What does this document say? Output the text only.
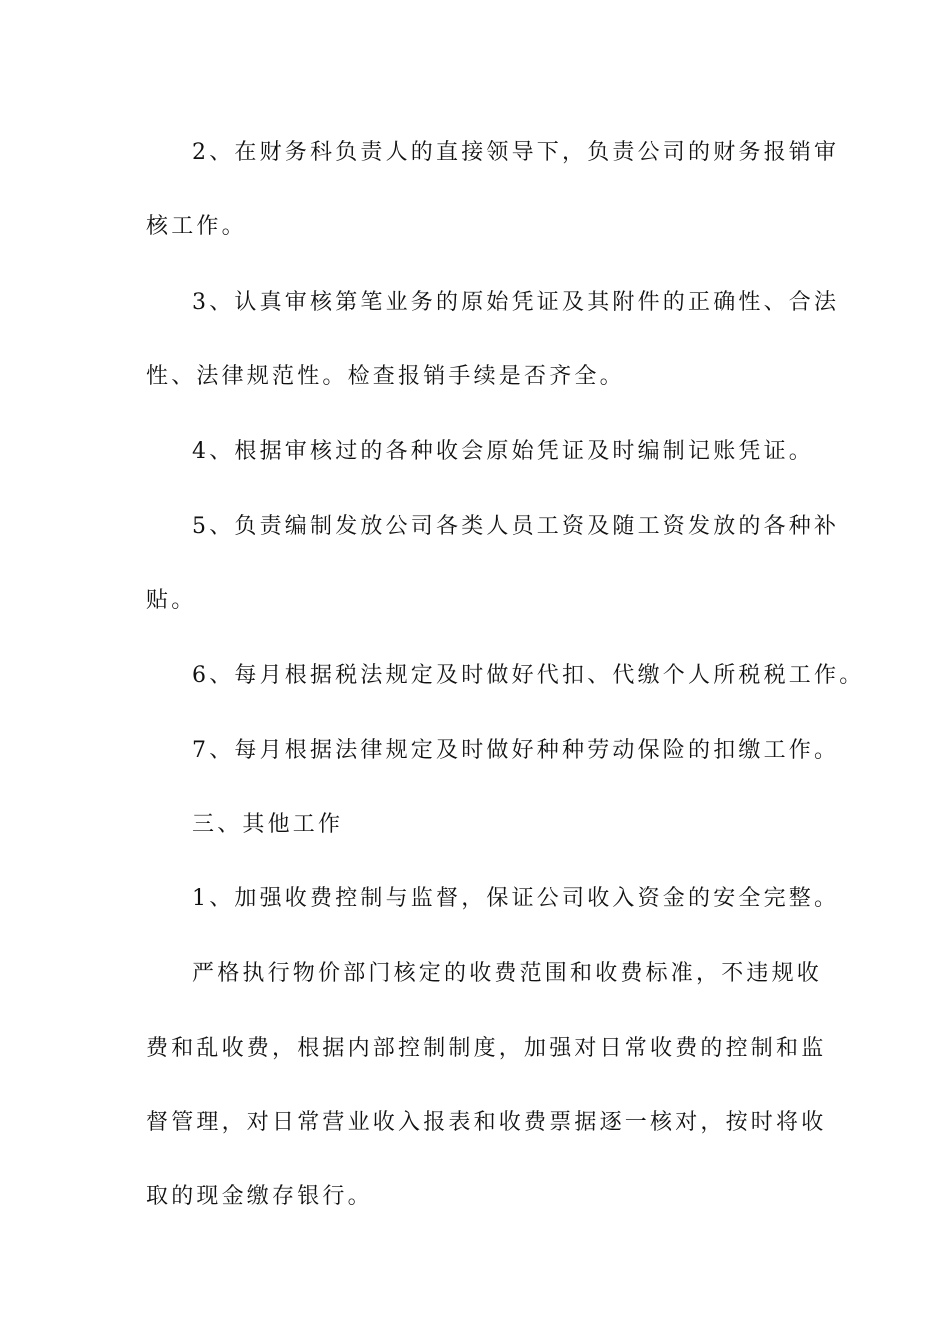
2、在财务科负责人的直接领导下，负责公司的财务报销审
核工作。
3、认真审核第笔业务的原始凭证及其附件的正确性、合法
性、法律规范性。检查报销手续是否齐全。
4、根据审核过的各种收会原始凭证及时编制记账凭证。
5、负责编制发放公司各类人员工资及随工资发放的各种补
贴。
6、每月根据税法规定及时做好代扣、代缴个人所税税工作。
7、每月根据法律规定及时做好种种劳动保险的扣缴工作。
三、其他工作
1、加强收费控制与监督，保证公司收入资金的安全完整。
严格执行物价部门核定的收费范围和收费标准，不违规收
费和乱收费，根据内部控制制度，加强对日常收费的控制和监
督管理，对日常营业收入报表和收费票据逐一核对，按时将收
取的现金缴存银行。
